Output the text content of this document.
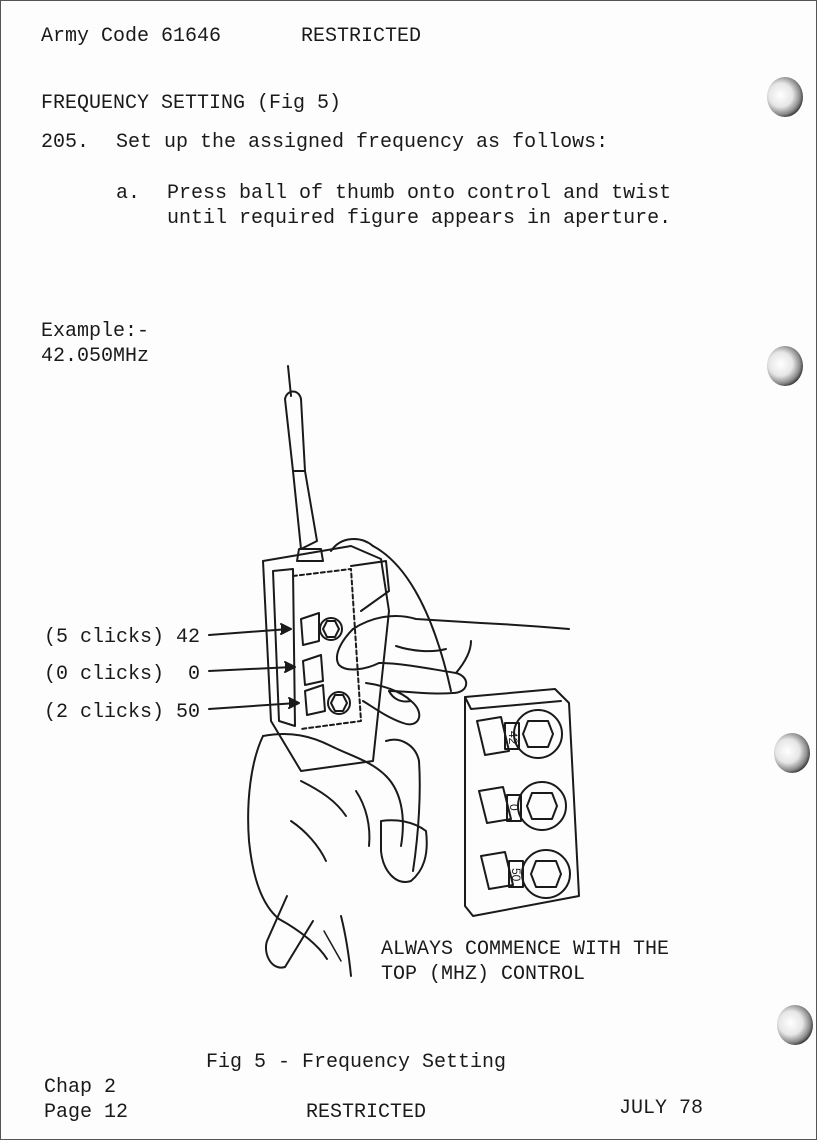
Army Code 61646	RESTRICTED
FREQUENCY SETTING (Fig 5)
205. Set up the assigned frequency as follows:
a. Press ball of thumb onto control and twist
until required figure appears in aperture.
Example:-
42.050MHz
42
0
50
(5 clicks) 42
(0 clicks)  0
(2 clicks) 50
ALWAYS COMMENCE WITH THE
TOP (MHZ) CONTROL
Fig 5 - Frequency Setting
Chap 2
Page 12	RESTRICTED	JULY 78
